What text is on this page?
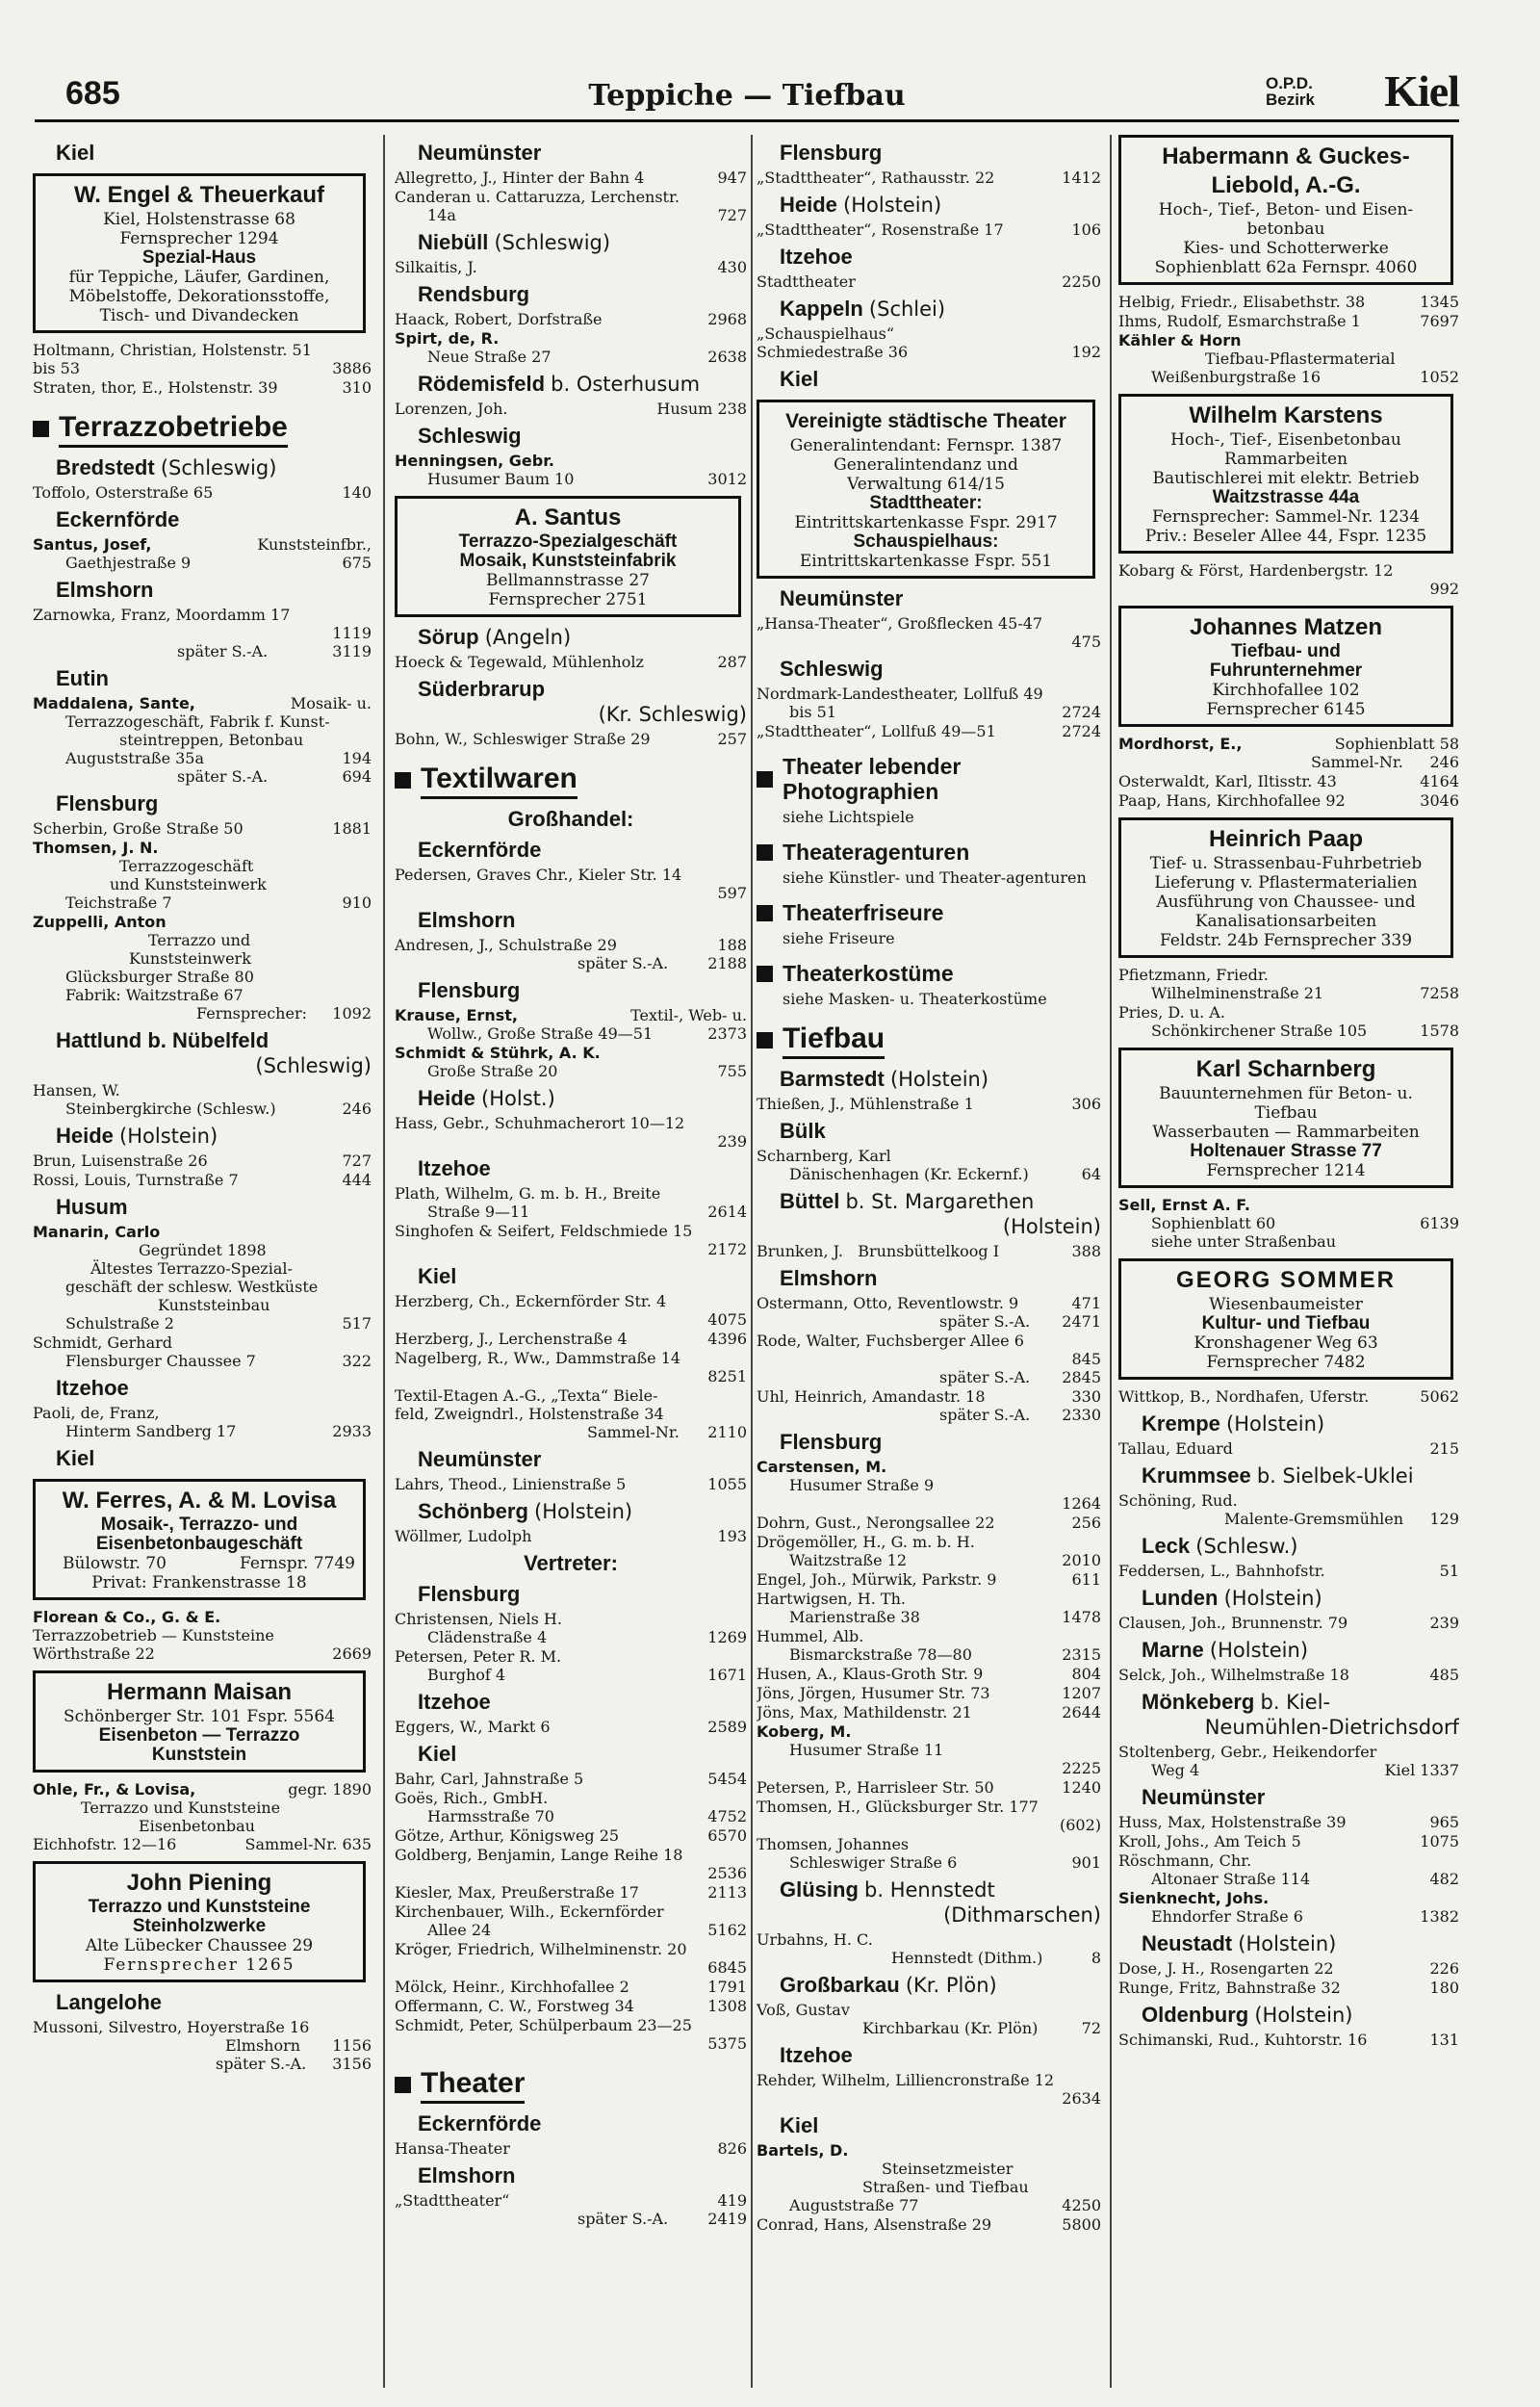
685	Teppiche — Tiefbau	O.P.D.
Bezirk Kiel
Kiel
W. Engel & Theuerkauf
Kiel, Holstenstrasse 68
Fernsprecher 1294
Spezial-Haus
für Teppiche, Läufer, Gardinen,
Möbelstoffe, Dekorationsstoffe,
Tisch- und Divandecken
Holtmann, Christian, Holstenstr. 51
bis 53	3886
Straten, thor, E., Holstenstr. 39	310
Terrazzobetriebe
Bredstedt (Schleswig)
Toffolo, Osterstraße 65	140
Eckernförde
Santus, Josef,	Kunststeinfbr.,
Gaethjestraße 9	675
Elmshorn
Zarnowka, Franz, Moordamm 17
1119
später S.-A.	3119
Eutin
Maddalena, Sante,	Mosaik- u.
Terrazzogeschäft, Fabrik f. Kunst-
steintreppen, Betonbau
Auguststraße 35a	194
später S.-A.	694
Flensburg
Scherbin, Große Straße 50	1881
Thomsen, J. N.
Terrazzogeschäft
und Kunststeinwerk
Teichstraße 7	910
Zuppelli, Anton
Terrazzo und
Kunststeinwerk
Glücksburger Straße 80
Fabrik: Waitzstraße 67
Fernsprecher: 1092
Hattlund b. Nübelfeld
(Schleswig)
Hansen, W.
Steinbergkirche (Schlesw.)	246
Heide (Holstein)
Brun, Luisenstraße 26	727
Rossi, Louis, Turnstraße 7	444
Husum
Manarin, Carlo
Gegründet 1898
Ältestes Terrazzo-Spezial-
geschäft der schlesw. Westküste
Kunststeinbau
Schulstraße 2	517
Schmidt, Gerhard
Flensburger Chaussee 7	322
Itzehoe
Paoli, de, Franz,
Hinterm Sandberg 17	2933
Kiel
W. Ferres, A. & M. Lovisa
Mosaik-, Terrazzo- und
Eisenbetonbaugeschäft
Bülowstr. 70	Fernspr. 7749
Privat: Frankenstrasse 18
Florean & Co., G. & E.
Terrazzobetrieb — Kunststeine
Wörthstraße 22	2669
Hermann Maisan
Schönberger Str. 101 Fspr. 5564
Eisenbeton — Terrazzo
Kunststein
Ohle, Fr., & Lovisa,	gegr. 1890
Terrazzo und Kunststeine
Eisenbetonbau
Eichhofstr. 12—16	Sammel-Nr. 635
John Piening
Terrazzo und Kunststeine
Steinholzwerke
Alte Lübecker Chaussee 29
Fernsprecher 1265
Langelohe
Mussoni, Silvestro, Hoyerstraße 16
Elmshorn 1156
später S.-A. 3156
Neumünster
Allegretto, J., Hinter der Bahn 4	947
Canderan u. Cattaruzza, Lerchenstr.
14a	727
Niebüll (Schleswig)
Silkaitis, J.	430
Rendsburg
Haack, Robert, Dorfstraße	2968
Spirt, de, R.
Neue Straße 27	2638
Rödemisfeld b. Osterhusum
Lorenzen, Joh.	Husum 238
Schleswig
Henningsen, Gebr.
Husumer Baum 10	3012
A. Santus
Terrazzo-Spezialgeschäft
Mosaik, Kunststeinfabrik
Bellmannstrasse 27
Fernsprecher 2751
Sörup (Angeln)
Hoeck & Tegewald, Mühlenholz	287
Süderbrarup
(Kr. Schleswig)
Bohn, W., Schleswiger Straße 29	257
Textilwaren
Großhandel:
Eckernförde
Pedersen, Graves Chr., Kieler Str. 14
597
Elmshorn
Andresen, J., Schulstraße 29	188
später S.-A.	2188
Flensburg
Krause, Ernst,	Textil-, Web- u.
Wollw., Große Straße 49—51	2373
Schmidt & Stührk, A. K.
Große Straße 20	755
Heide (Holst.)
Hass, Gebr., Schuhmacherort 10—12
239
Itzehoe
Plath, Wilhelm, G. m. b. H., Breite
Straße 9—11	2614
Singhofen & Seifert, Feldschmiede 15
2172
Kiel
Herzberg, Ch., Eckernförder Str. 4
4075
Herzberg, J., Lerchenstraße 4	4396
Nagelberg, R., Ww., Dammstraße 14
8251
Textil-Etagen A.-G., „Texta“ Biele-
feld, Zweigndrl., Holstenstraße 34
Sammel-Nr. 2110
Neumünster
Lahrs, Theod., Linienstraße 5	1055
Schönberg (Holstein)
Wöllmer, Ludolph	193
Vertreter:
Flensburg
Christensen, Niels H.
Clädenstraße 4	1269
Petersen, Peter R. M.
Burghof 4	1671
Itzehoe
Eggers, W., Markt 6	2589
Kiel
Bahr, Carl, Jahnstraße 5	5454
Goës, Rich., GmbH.
Harmsstraße 70	4752
Götze, Arthur, Königsweg 25	6570
Goldberg, Benjamin, Lange Reihe 18
2536
Kiesler, Max, Preußerstraße 17	2113
Kirchenbauer, Wilh., Eckernförder
Allee 24	5162
Kröger, Friedrich, Wilhelminenstr. 20
6845
Mölck, Heinr., Kirchhofallee 2	1791
Offermann, C. W., Forstweg 34	1308
Schmidt, Peter, Schülperbaum 23—25
5375
Theater
Eckernförde
Hansa-Theater	826
Elmshorn
„Stadttheater“	419
später S.-A.	2419
Flensburg
„Stadttheater“, Rathausstr. 22	1412
Heide (Holstein)
„Stadttheater“, Rosenstraße 17	106
Itzehoe
Stadttheater	2250
Kappeln (Schlei)
„Schauspielhaus“
Schmiedestraße 36	192
Kiel
Vereinigte städtische Theater
Generalintendant: Fernspr. 1387
Generalintendanz und
Verwaltung 614/15
Stadttheater:
Eintrittskartenkasse Fspr. 2917
Schauspielhaus:
Eintrittskartenkasse Fspr. 551
Neumünster
„Hansa-Theater“, Großflecken 45-47
475
Schleswig
Nordmark-Landestheater, Lollfuß 49
bis 51	2724
„Stadttheater“, Lollfuß 49—51	2724
Theater lebender Photographien
siehe Lichtspiele
Theateragenturen
siehe Künstler- und Theater-agenturen
Theaterfriseure
siehe Friseure
Theaterkostüme
siehe Masken- u. Theaterkostüme
Tiefbau
Barmstedt (Holstein)
Thießen, J., Mühlenstraße 1	306
Bülk
Scharnberg, Karl
Dänischenhagen (Kr. Eckernf.)	64
Büttel b. St. Margarethen
(Holstein)
Brunken, J. Brunsbüttelkoog I	388
Elmshorn
Ostermann, Otto, Reventlowstr. 9	471
später S.-A. 2471
Rode, Walter, Fuchsberger Allee 6
845
später S.-A. 2845
Uhl, Heinrich, Amandastr. 18	330
später S.-A. 2330
Flensburg
Carstensen, M.
Husumer Straße 9
1264
Dohrn, Gust., Nerongsallee 22	256
Drögemöller, H., G. m. b. H.
Waitzstraße 12	2010
Engel, Joh., Mürwik, Parkstr. 9	611
Hartwigsen, H. Th.
Marienstraße 38	1478
Hummel, Alb.
Bismarckstraße 78—80	2315
Husen, A., Klaus-Groth Str. 9	804
Jöns, Jörgen, Husumer Str. 73	1207
Jöns, Max, Mathildenstr. 21	2644
Koberg, M.
Husumer Straße 11
2225
Petersen, P., Harrisleer Str. 50	1240
Thomsen, H., Glücksburger Str. 177
(602)
Thomsen, Johannes
Schleswiger Straße 6	901
Glüsing b. Hennstedt
(Dithmarschen)
Urbahns, H. C.
Hennstedt (Dithm.)	8
Großbarkau (Kr. Plön)
Voß, Gustav
Kirchbarkau (Kr. Plön)	72
Itzehoe
Rehder, Wilhelm, Lilliencronstraße 12
2634
Kiel
Bartels, D.
Steinsetzmeister
Straßen- und Tiefbau
Auguststraße 77	4250
Conrad, Hans, Alsenstraße 29	5800
Habermann & Guckes-
Liebold, A.-G.
Hoch-, Tief-, Beton- und Eisen-
betonbau
Kies- und Schotterwerke
Sophienblatt 62a Fernspr. 4060
Helbig, Friedr., Elisabethstr. 38	1345
Ihms, Rudolf, Esmarchstraße 1	7697
Kähler & Horn
Tiefbau-Pflastermaterial
Weißenburgstraße 16	1052
Wilhelm Karstens
Hoch-, Tief-, Eisenbetonbau
Rammarbeiten
Bautischlerei mit elektr. Betrieb
Waitzstrasse 44a
Fernsprecher: Sammel-Nr. 1234
Priv.: Beseler Allee 44, Fspr. 1235
Kobarg & Först, Hardenbergstr. 12
992
Johannes Matzen
Tiefbau- und
Fuhrunternehmer
Kirchhofallee 102
Fernsprecher 6145
Mordhorst, E.,	Sophienblatt 58
Sammel-Nr. 246
Osterwaldt, Karl, Iltisstr. 43	4164
Paap, Hans, Kirchhofallee 92	3046
Heinrich Paap
Tief- u. Strassenbau-Fuhrbetrieb
Lieferung v. Pflastermaterialien
Ausführung von Chaussee- und
Kanalisationsarbeiten
Feldstr. 24b Fernsprecher 339
Pfietzmann, Friedr.
Wilhelminenstraße 21	7258
Pries, D. u. A.
Schönkirchener Straße 105	1578
Karl Scharnberg
Bauunternehmen für Beton- u.
Tiefbau
Wasserbauten — Rammarbeiten
Holtenauer Strasse 77
Fernsprecher 1214
Sell, Ernst A. F.
Sophienblatt 60	6139
siehe unter Straßenbau
GEORG SOMMER
Wiesenbaumeister
Kultur- und Tiefbau
Kronshagener Weg 63
Fernsprecher 7482
Wittkop, B., Nordhafen, Uferstr.	5062
Krempe (Holstein)
Tallau, Eduard	215
Krummsee b. Sielbek-Uklei
Schöning, Rud.
Malente-Gremsmühlen 129
Leck (Schlesw.)
Feddersen, L., Bahnhofstr.	51
Lunden (Holstein)
Clausen, Joh., Brunnenstr. 79	239
Marne (Holstein)
Selck, Joh., Wilhelmstraße 18	485
Mönkeberg b. Kiel-
Neumühlen-Dietrichsdorf
Stoltenberg, Gebr., Heikendorfer
Weg 4	Kiel 1337
Neumünster
Huss, Max, Holstenstraße 39	965
Kroll, Johs., Am Teich 5	1075
Röschmann, Chr.
Altonaer Straße 114	482
Sienknecht, Johs.
Ehndorfer Straße 6	1382
Neustadt (Holstein)
Dose, J. H., Rosengarten 22	226
Runge, Fritz, Bahnstraße 32	180
Oldenburg (Holstein)
Schimanski, Rud., Kuhtorstr. 16	131
